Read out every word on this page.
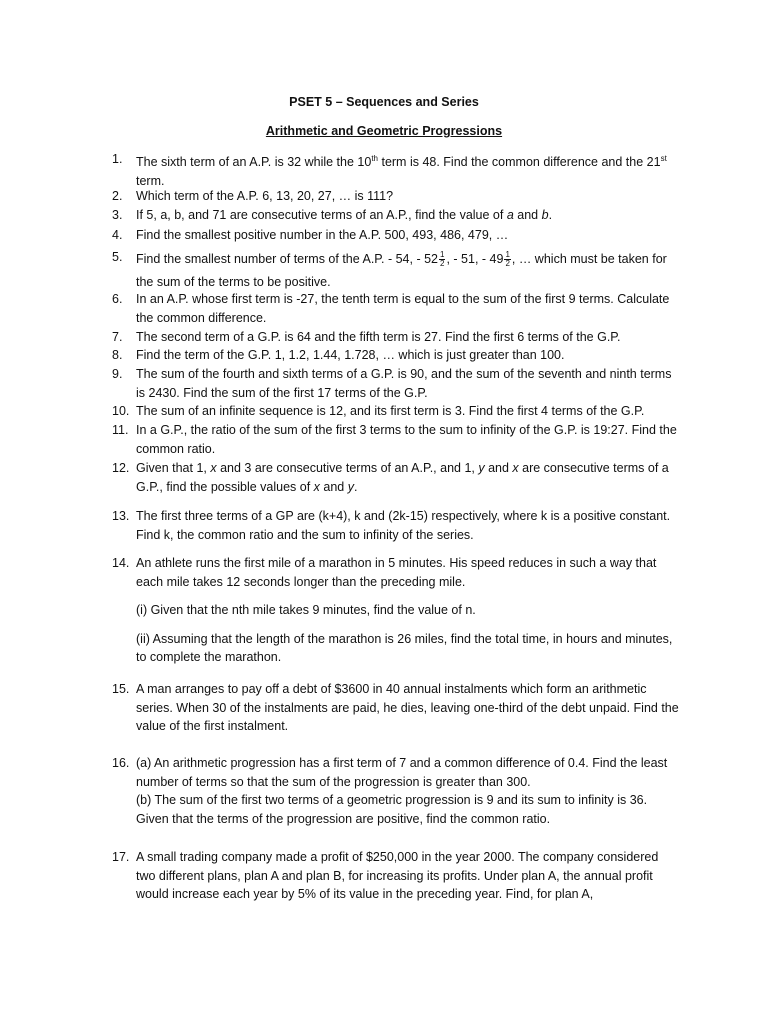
PSET 5 – Sequences and Series
Arithmetic and Geometric Progressions
1.	The sixth term of an A.P. is 32 while the 10th term is 48. Find the common difference and the 21st term.
2.	Which term of the A.P. 6, 13, 20, 27, … is 111?
3.	If 5, a, b, and 71 are consecutive terms of an A.P., find the value of a and b.
4.	Find the smallest positive number in the A.P. 500, 493, 486, 479, …
5.	Find the smallest number of terms of the A.P. - 54, - $52 \frac{1}{2}$ , - 51, - $49 \frac{1}{2}$ , … which must be taken for the sum of the terms to be positive.
6.	In an A.P. whose first term is -27, the tenth term is equal to the sum of the first 9 terms. Calculate the common difference.
7.	The second term of a G.P. is 64 and the fifth term is 27. Find the first 6 terms of the G.P.
8.	Find the term of the G.P. 1, 1.2, 1.44, 1.728, … which is just greater than 100.
9.	The sum of the fourth and sixth terms of a G.P. is 90, and the sum of the seventh and ninth terms is 2430. Find the sum of the first 17 terms of the G.P.
10. The sum of an infinite sequence is 12, and its first term is 3. Find the first 4 terms of the G.P.
11. In a G.P., the ratio of the sum of the first 3 terms to the sum to infinity of the G.P. is 19:27. Find the common ratio.
12. Given that 1, x and 3 are consecutive terms of an A.P., and 1, y and x are consecutive terms of a G.P., find the possible values of x and y.
13. The first three terms of a GP are (k+4), k and (2k-15) respectively, where k is a positive constant. Find k, the common ratio and the sum to infinity of the series.
14. An athlete runs the first mile of a marathon in 5 minutes. His speed reduces in such a way that each mile takes 12 seconds longer than the preceding mile.
(i) Given that the nth mile takes 9 minutes, find the value of n.
(ii) Assuming that the length of the marathon is 26 miles, find the total time, in hours and minutes, to complete the marathon.
15. A man arranges to pay off a debt of $3600 in 40 annual instalments which form an arithmetic series. When 30 of the instalments are paid, he dies, leaving one-third of the debt unpaid. Find the value of the first instalment.
16. (a) An arithmetic progression has a first term of 7 and a common difference of 0.4. Find the least number of terms so that the sum of the progression is greater than 300.
(b) The sum of the first two terms of a geometric progression is 9 and its sum to infinity is 36. Given that the terms of the progression are positive, find the common ratio.
17. A small trading company made a profit of $250,000 in the year 2000. The company considered two different plans, plan A and plan B, for increasing its profits. Under plan A, the annual profit would increase each year by 5% of its value in the preceding year. Find, for plan A,
